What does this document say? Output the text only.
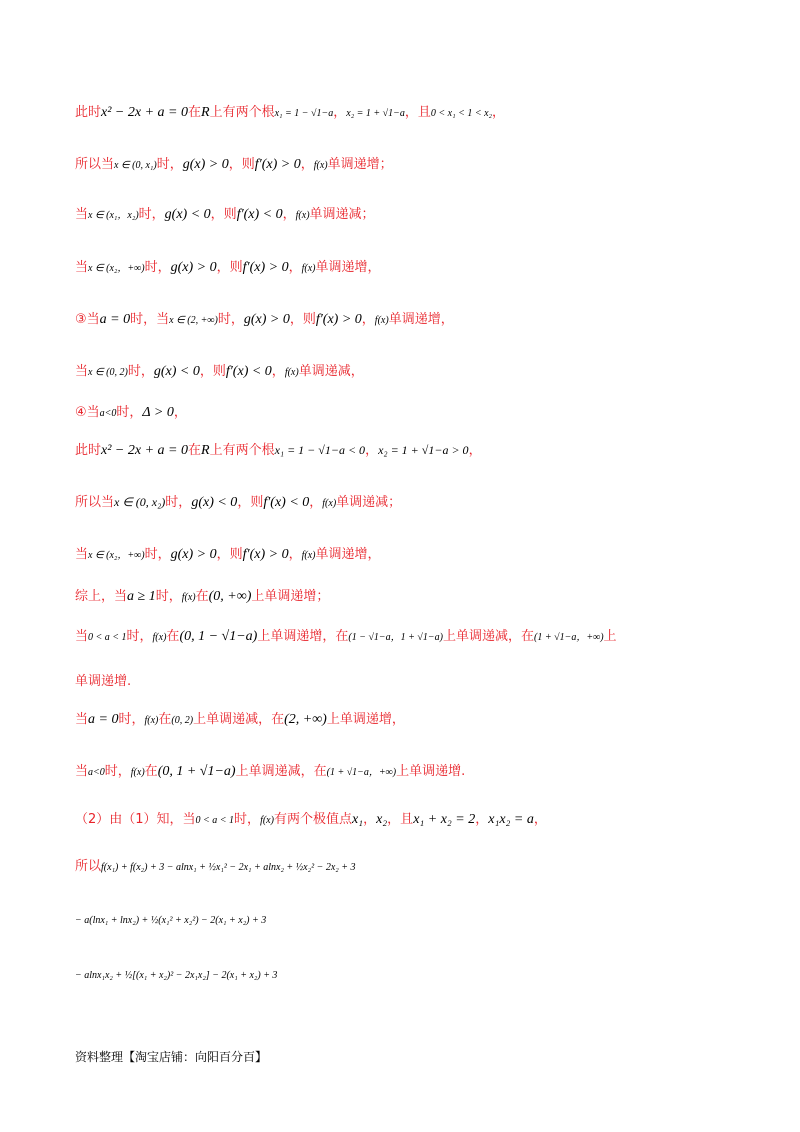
此时x² − 2x + a = 0在R上有两个根x₁ = 1 − √1−a，x₂ = 1 + √1−a，且0 < x₁ < 1 < x₂，
所以当x ∈ (0, x₁)时，g(x) > 0，则f′(x) > 0，f(x)单调递增；
当x ∈ (x₁，x₂)时，g(x) < 0，则f′(x) < 0，f(x)单调递减；
当x ∈ (x₂，+∞)时，g(x) > 0，则f′(x) > 0，f(x)单调递增，
③当a = 0时，当x ∈ (2, +∞)时，g(x) > 0，则f′(x) > 0，f(x)单调递增，
当x ∈ (0, 2)时，g(x) < 0，则f′(x) < 0，f(x)单调递减，
④当a<0时，Δ > 0，
此时x² − 2x + a = 0在R上有两个根x₁ = 1 − √1−a < 0，x₂ = 1 + √1−a > 0，
所以当x ∈ (0, x₂)时，g(x) < 0，则f′(x) < 0，f(x)单调递减；
当x ∈ (x₂，+∞)时，g(x) > 0，则f′(x) > 0，f(x)单调递增，
综上，当a ≥ 1时，f(x)在(0, +∞)上单调递增；
当0 < a < 1时，f(x)在(0, 1 − √1−a)上单调递增，在(1 − √1−a，1 + √1−a)上单调递减，在(1 + √1−a，+∞)上
单调递增.
当a = 0时，f(x)在(0, 2)上单调递减，在(2, +∞)上单调递增，
当a<0时，f(x)在(0, 1 + √1−a)上单调递减，在(1 + √1−a，+∞)上单调递增.
（2）由（1）知，当0 < a < 1时，f(x)有两个极值点x₁，x₂，且x₁ + x₂ = 2，x₁x₂ = a，
所以f(x₁) + f(x₂) + 3 − alnx₁ + ½x₁² − 2x₁ + alnx₂ + ½x₂² − 2x₂ + 3
− a(lnx₁ + lnx₂) + ½(x₁² + x₂²) − 2(x₁ + x₂) + 3
− alnx₁x₂ + ½[(x₁ + x₂)² − 2x₁x₂] − 2(x₁ + x₂) + 3
资料整理【淘宝店铺：向阳百分百】
